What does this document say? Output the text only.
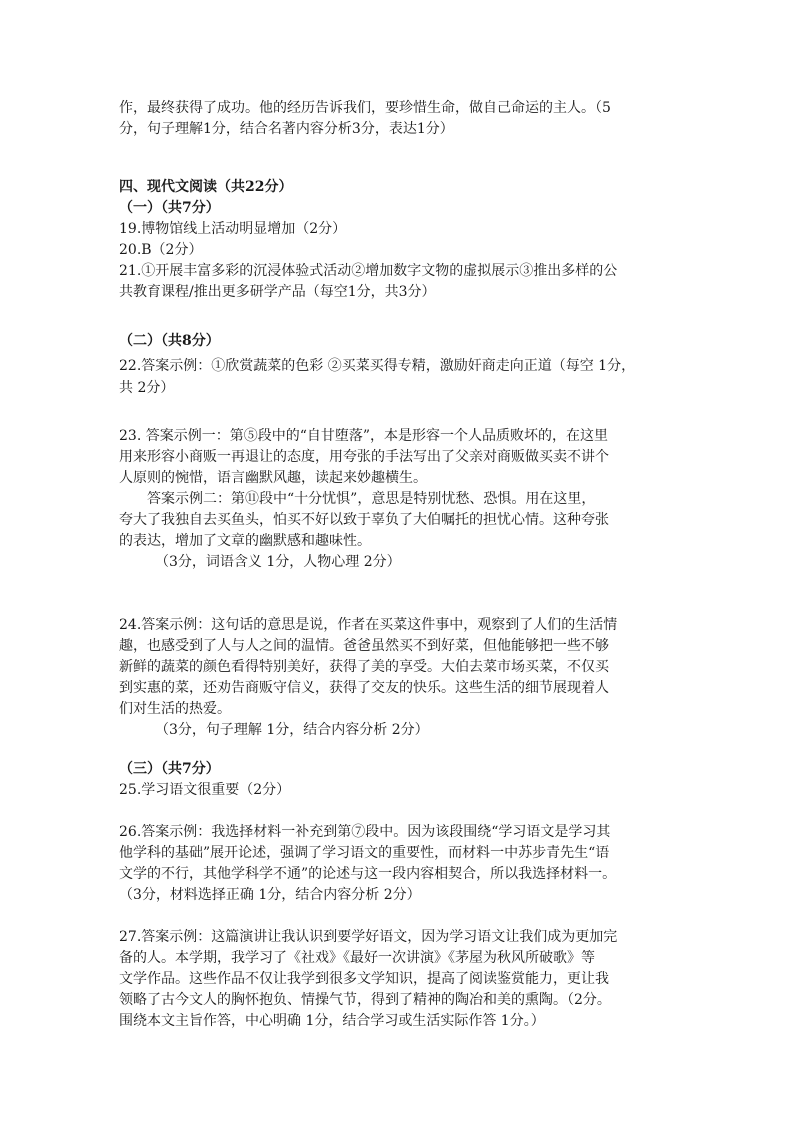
作，最终获得了成功。他的经历告诉我们，要珍惜生命，做自己命运的主人。（5
分，句子理解1分，结合名著内容分析3分，表达1分）
四、现代文阅读（共22分）
（一）（共7分）
19.博物馆线上活动明显增加（2分）
20.B（2分）
21.①开展丰富多彩的沉浸体验式活动②增加数字文物的虚拟展示③推出多样的公
共教育课程/推出更多研学产品（每空1分，共3分）
（二）（共8分）
22.答案示例：①欣赏蔬菜的色彩 ②买菜买得专精，激励奸商走向正道（每空 1分，
共 2分）
23. 答案示例一：第⑤段中的“自甘堕落”，本是形容一个人品质败坏的，在这里
用来形容小商贩一再退让的态度，用夸张的手法写出了父亲对商贩做买卖不讲个
人原则的惋惜，语言幽默风趣，读起来妙趣横生。
答案示例二：第⑪段中“十分忧惧”，意思是特别忧愁、恐惧。用在这里，
夸大了我独自去买鱼头，怕买不好以致于辜负了大伯嘱托的担忧心情。这种夸张
的表达，增加了文章的幽默感和趣味性。
（3分，词语含义 1分，人物心理 2分）
24.答案示例：这句话的意思是说，作者在买菜这件事中，观察到了人们的生活情
趣，也感受到了人与人之间的温情。爸爸虽然买不到好菜，但他能够把一些不够
新鲜的蔬菜的颜色看得特别美好，获得了美的享受。大伯去菜市场买菜，不仅买
到实惠的菜，还劝告商贩守信义，获得了交友的快乐。这些生活的细节展现着人
们对生活的热爱。
（3分，句子理解 1分，结合内容分析 2分）
（三）（共7分）
25.学习语文很重要（2分）
26.答案示例：我选择材料一补充到第⑦段中。因为该段围绕“学习语文是学习其
他学科的基础”展开论述，强调了学习语文的重要性，而材料一中苏步青先生“语
文学的不行，其他学科学不通”的论述与这一段内容相契合，所以我选择材料一。
（3分，材料选择正确 1分，结合内容分析 2分）
27.答案示例：这篇演讲让我认识到要学好语文，因为学习语文让我们成为更加完
备的人。本学期，我学习了《社戏》《最好一次讲演》《茅屋为秋风所破歌》等
文学作品。这些作品不仅让我学到很多文学知识，提高了阅读鉴赏能力，更让我
领略了古今文人的胸怀抱负、情操气节，得到了精神的陶冶和美的熏陶。（2分。
围绕本文主旨作答，中心明确 1分，结合学习或生活实际作答 1分。）
